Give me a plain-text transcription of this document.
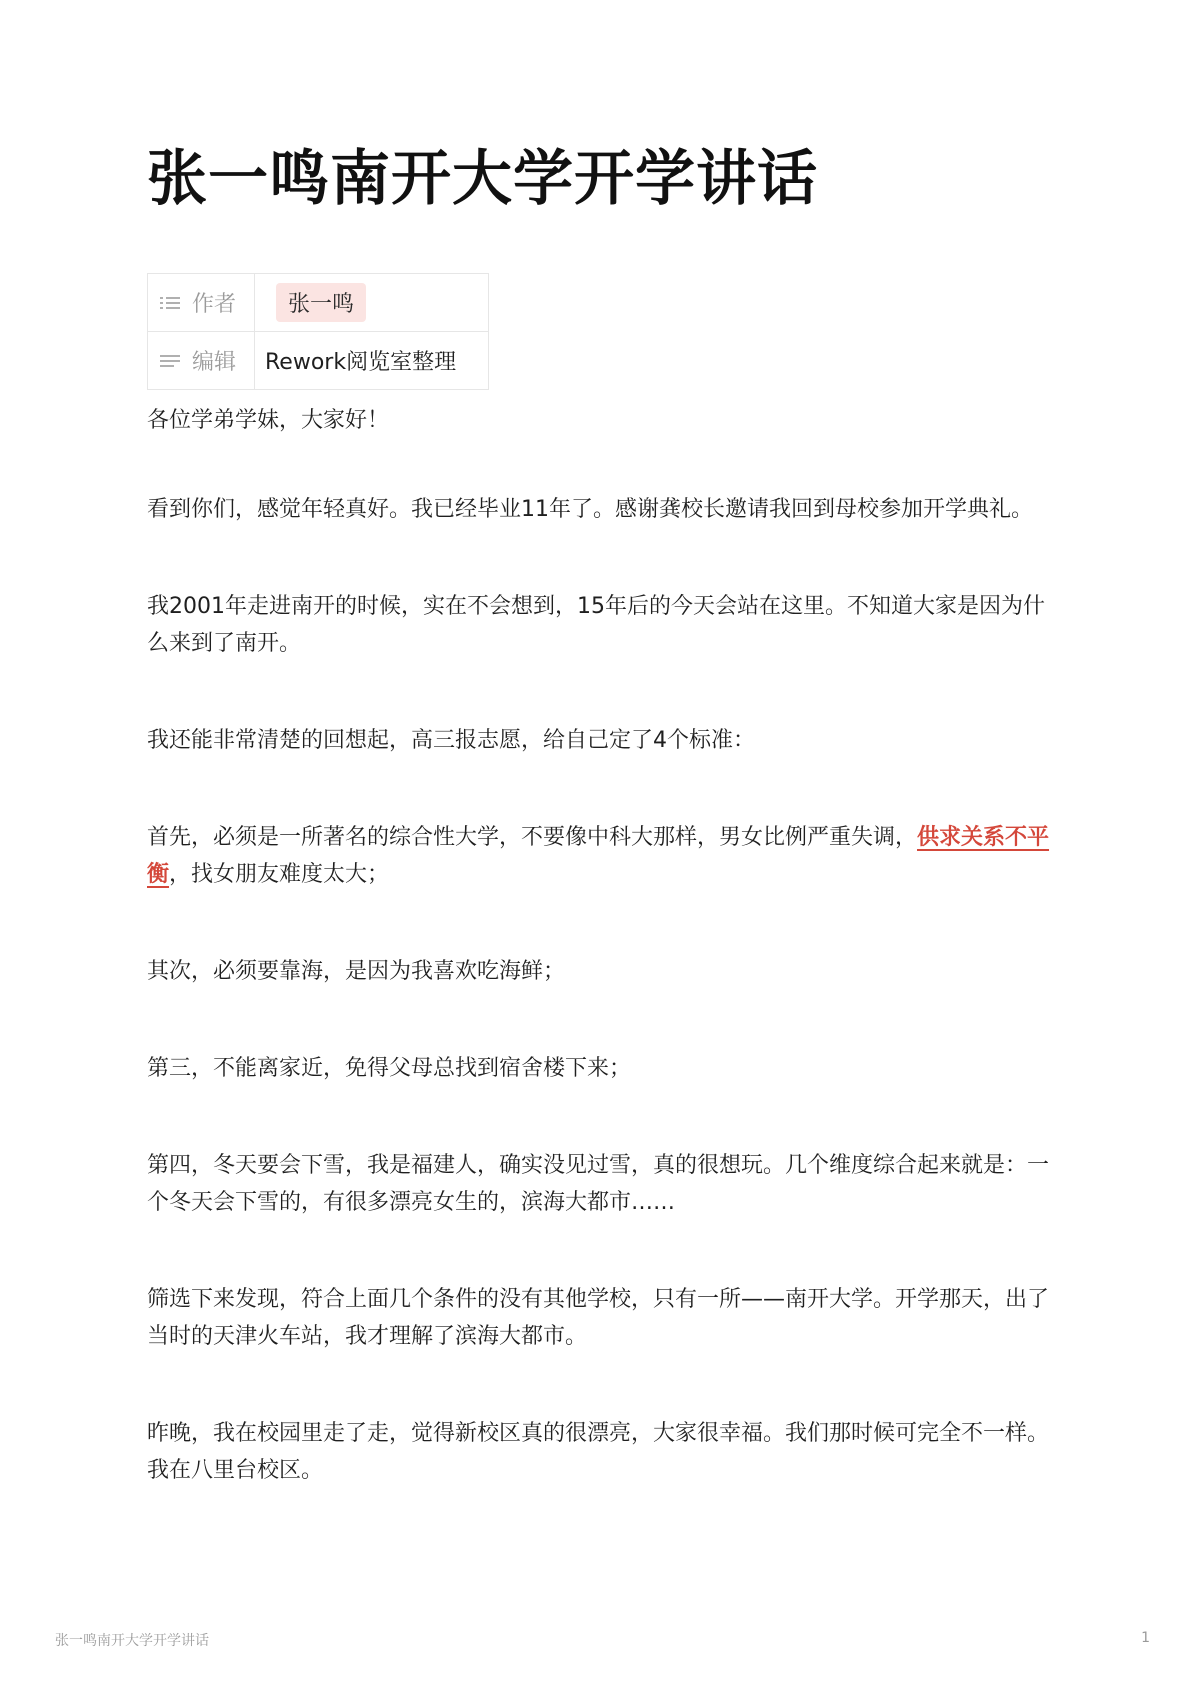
张一鸣南开大学开学讲话
作者	张一鸣

编辑	Rework阅览室整理

各位学弟学妹，大家好！

看到你们，感觉年轻真好。我已经毕业11年了。感谢龚校长邀请我回到母校参加开学典礼。

我2001年走进南开的时候，实在不会想到，15年后的今天会站在这里。不知道大家是因为什么来到了南开。

我还能非常清楚的回想起，高三报志愿，给自己定了4个标准：

首先，必须是一所著名的综合性大学，不要像中科大那样，男女比例严重失调，供求关系不平衡，找女朋友难度太大；

其次，必须要靠海，是因为我喜欢吃海鲜；

第三，不能离家近，免得父母总找到宿舍楼下来；

第四，冬天要会下雪，我是福建人，确实没见过雪，真的很想玩。几个维度综合起来就是：一个冬天会下雪的，有很多漂亮女生的，滨海大都市……

筛选下来发现，符合上面几个条件的没有其他学校，只有一所——南开大学。开学那天，出了当时的天津火车站，我才理解了滨海大都市。

昨晚，我在校园里走了走，觉得新校区真的很漂亮，大家很幸福。我们那时候可完全不一样。我在八里台校区。

张一鸣南开大学开学讲话	1
